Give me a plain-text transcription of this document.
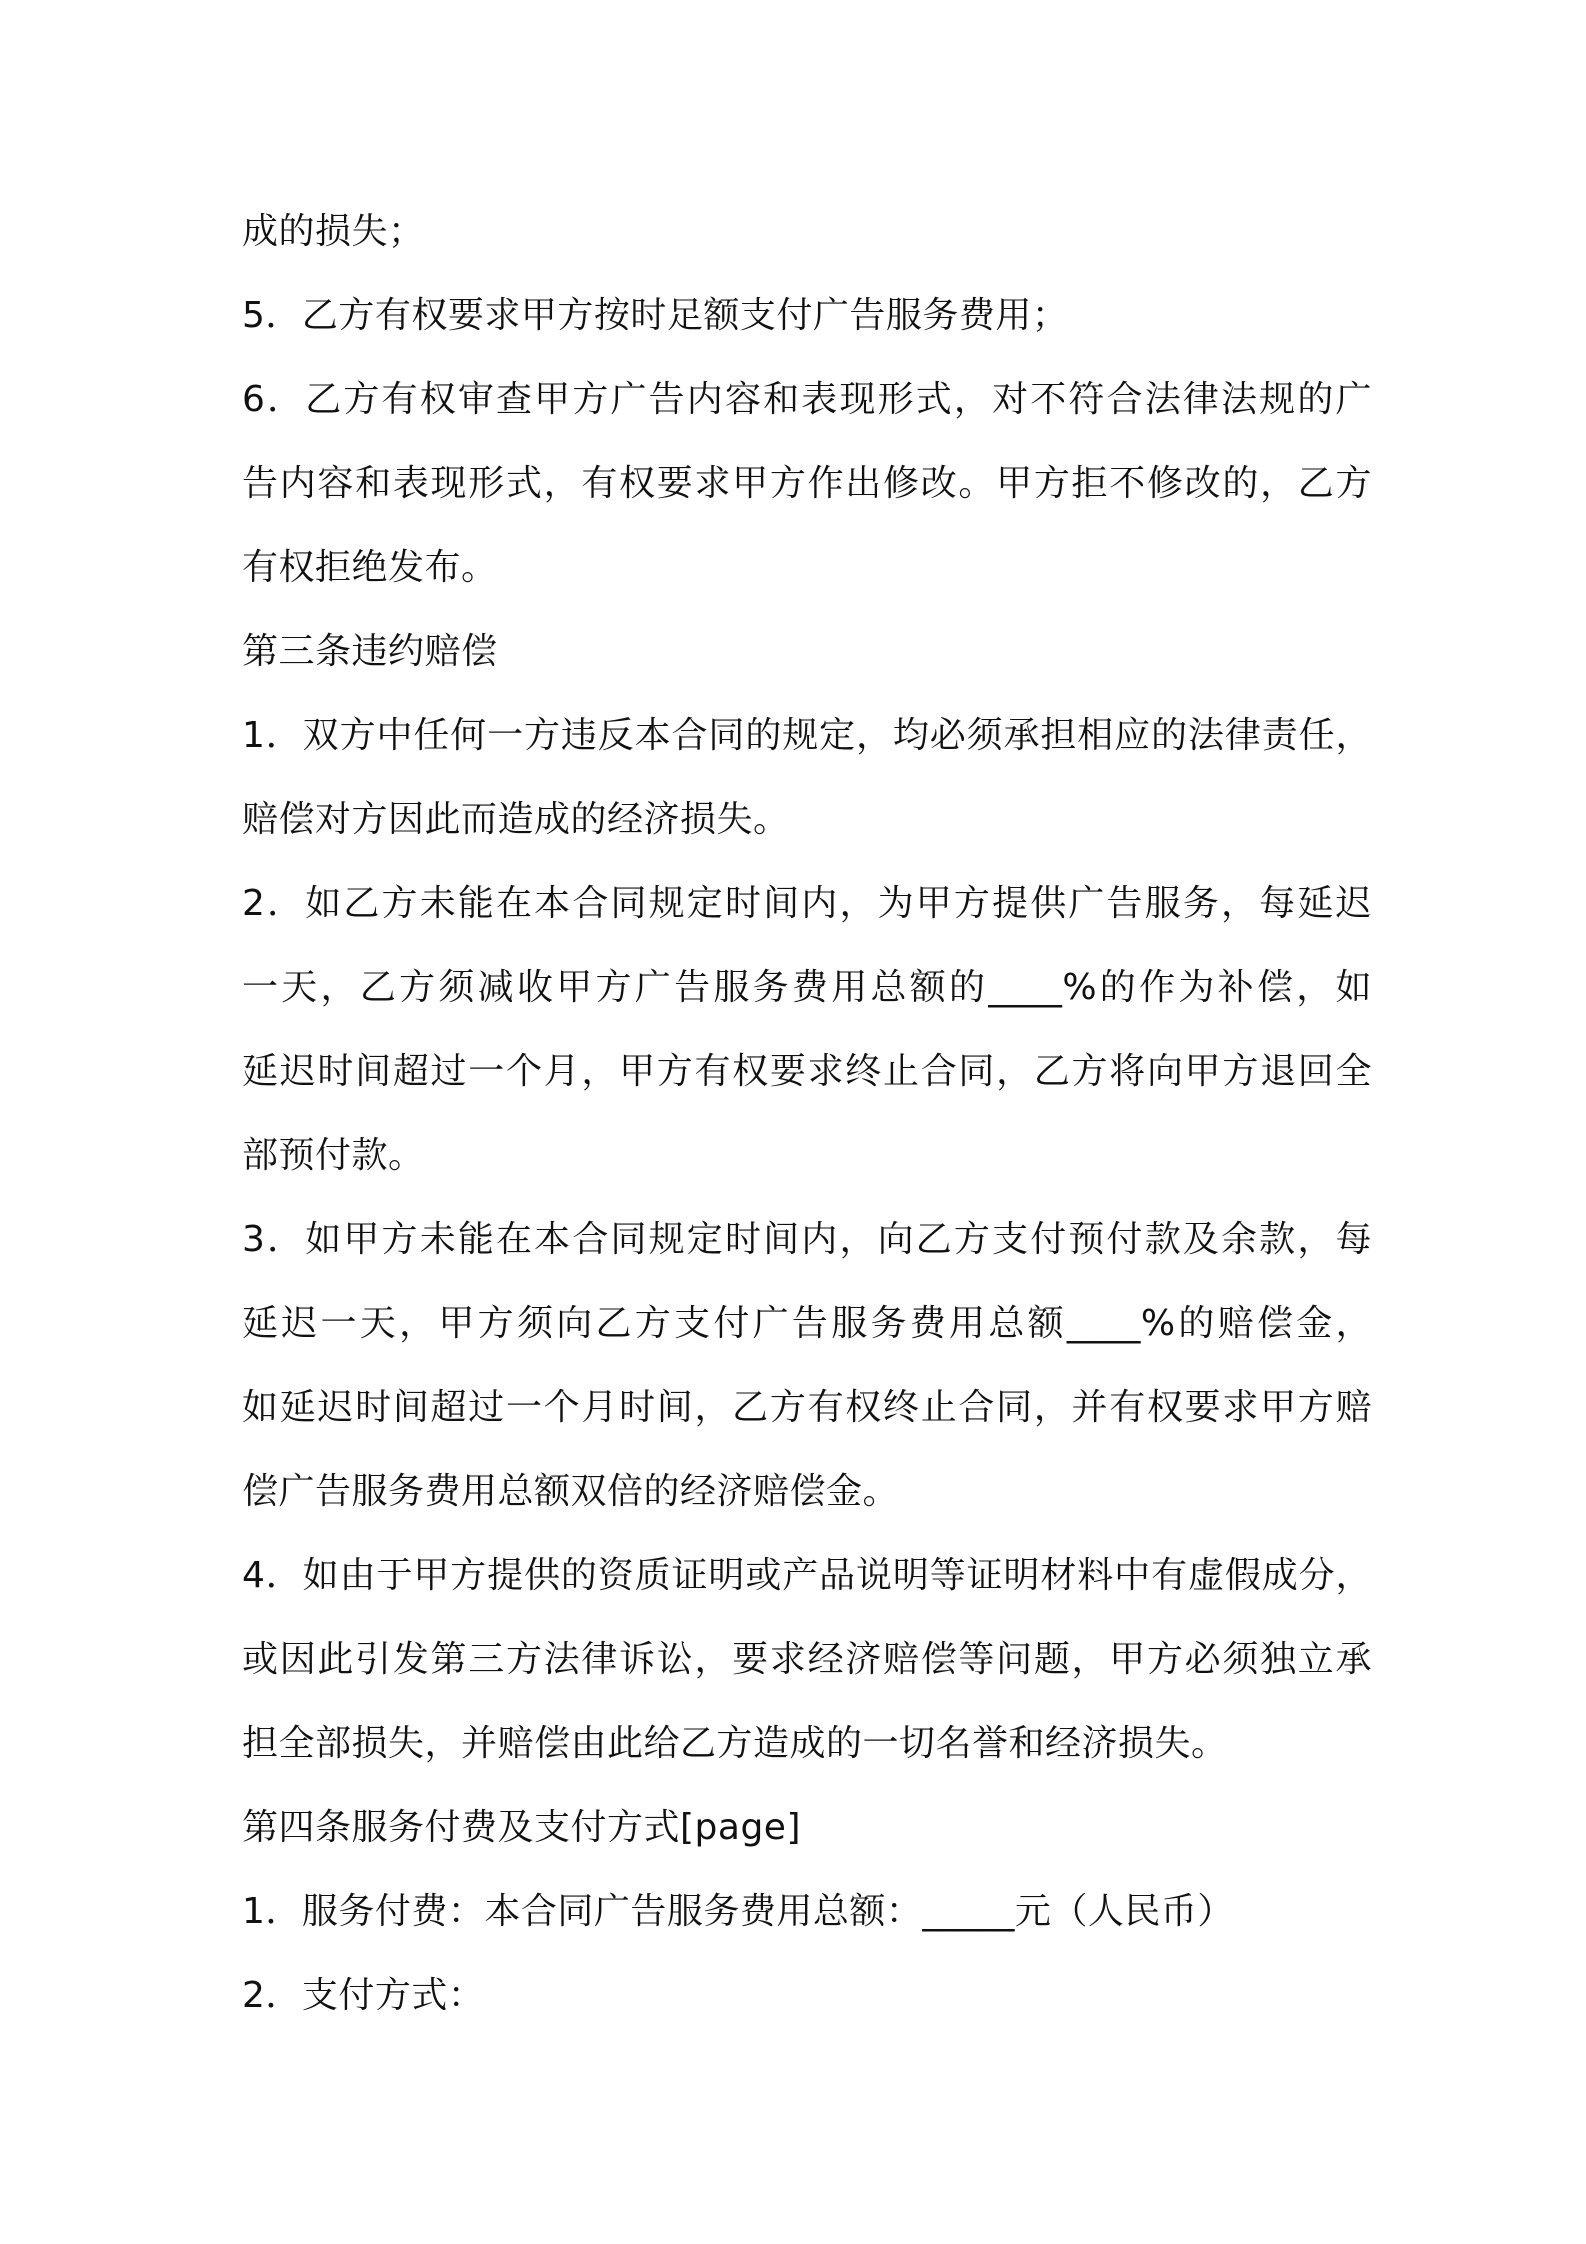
成的损失；
5．乙方有权要求甲方按时足额支付广告服务费用；
6．乙方有权审查甲方广告内容和表现形式，对不符合法律法规的广
告内容和表现形式，有权要求甲方作出修改。甲方拒不修改的，乙方
有权拒绝发布。
第三条违约赔偿
1．双方中任何一方违反本合同的规定，均必须承担相应的法律责任，
赔偿对方因此而造成的经济损失。
2．如乙方未能在本合同规定时间内，为甲方提供广告服务，每延迟
一天，乙方须减收甲方广告服务费用总额的____%的作为补偿，如
延迟时间超过一个月，甲方有权要求终止合同，乙方将向甲方退回全
部预付款。
3．如甲方未能在本合同规定时间内，向乙方支付预付款及余款，每
延迟一天，甲方须向乙方支付广告服务费用总额____%的赔偿金，
如延迟时间超过一个月时间，乙方有权终止合同，并有权要求甲方赔
偿广告服务费用总额双倍的经济赔偿金。
4．如由于甲方提供的资质证明或产品说明等证明材料中有虚假成分，
或因此引发第三方法律诉讼，要求经济赔偿等问题，甲方必须独立承
担全部损失，并赔偿由此给乙方造成的一切名誉和经济损失。
第四条服务付费及支付方式[page]
1．服务付费：本合同广告服务费用总额：_____元（人民币）
2．支付方式：
